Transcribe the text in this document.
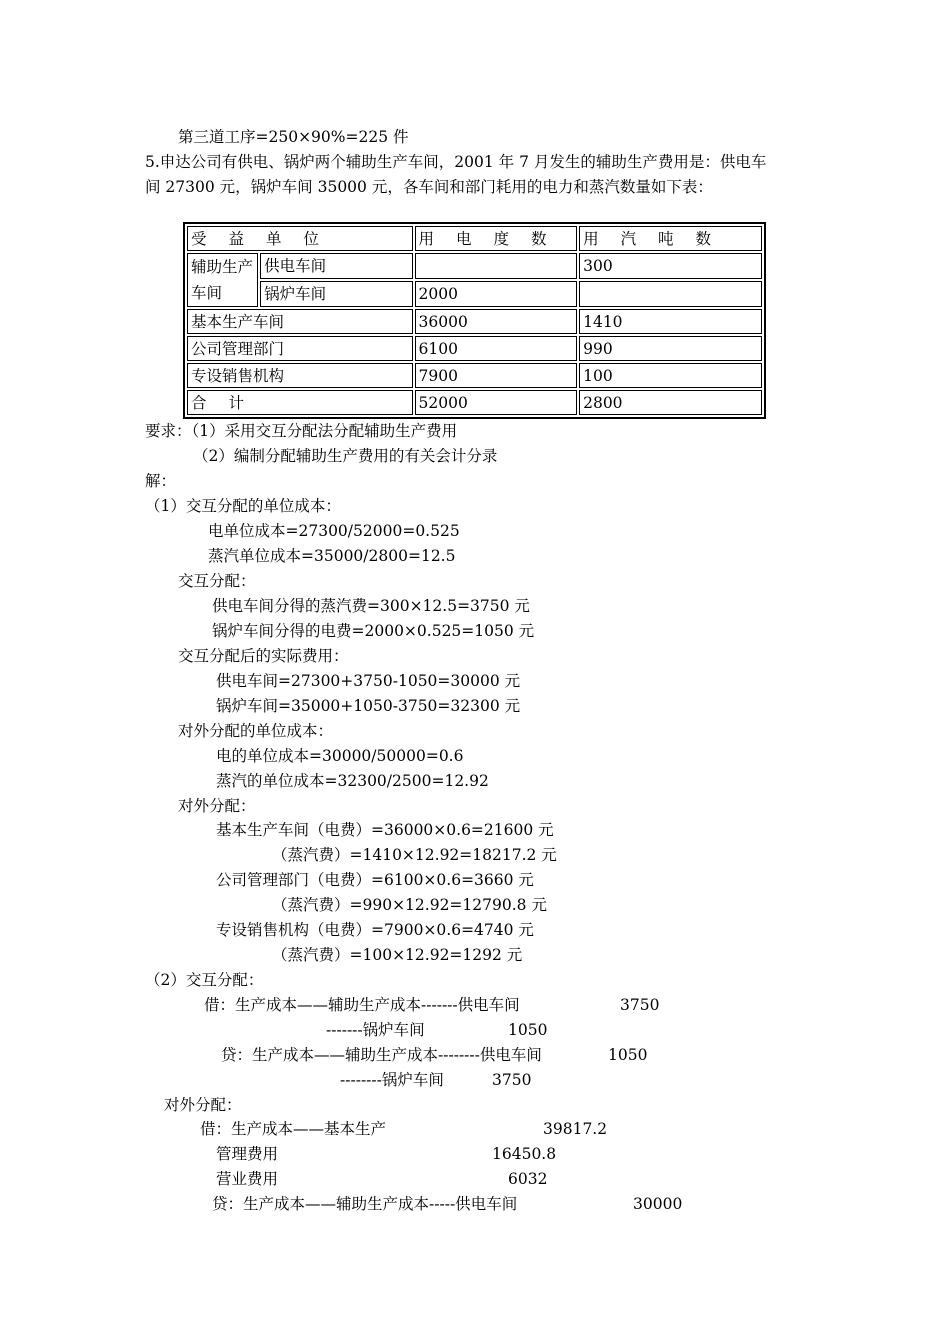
第三道工序=250×90%=225 件
5.申达公司有供电、锅炉两个辅助生产车间，2001 年 7 月发生的辅助生产费用是：供电车
间 27300 元，锅炉车间 35000 元，各车间和部门耗用的电力和蒸汽数量如下表：
受 益 单 位		用 电 度 数	用 汽 吨 数
辅助生产车间	供电车间		300
	锅炉车间	2000	
基本生产车间		36000	1410
公司管理部门		6100	990
专设销售机构		7900	100
合 计		52000	2800
要求：（1）采用交互分配法分配辅助生产费用
（2）编制分配辅助生产费用的有关会计分录
解：
（1）交互分配的单位成本：
电单位成本=27300/52000=0.525
蒸汽单位成本=35000/2800=12.5
交互分配：
供电车间分得的蒸汽费=300×12.5=3750 元
锅炉车间分得的电费=2000×0.525=1050 元
交互分配后的实际费用：
供电车间=27300+3750-1050=30000 元
锅炉车间=35000+1050-3750=32300 元
对外分配的单位成本：
电的单位成本=30000/50000=0.6
蒸汽的单位成本=32300/2500=12.92
对外分配：
基本生产车间（电费）=36000×0.6=21600 元
（蒸汽费）=1410×12.92=18217.2 元
公司管理部门（电费）=6100×0.6=3660 元
（蒸汽费）=990×12.92=12790.8 元
专设销售机构（电费）=7900×0.6=4740 元
（蒸汽费）=100×12.92=1292 元
（2）交互分配：
借：生产成本——辅助生产成本-------供电车间	3750
-------锅炉车间	1050
贷：生产成本——辅助生产成本--------供电车间	1050
--------锅炉车间	3750
对外分配：
借：生产成本——基本生产	39817.2
管理费用	16450.8
营业费用	6032
贷：生产成本——辅助生产成本-----供电车间	30000
